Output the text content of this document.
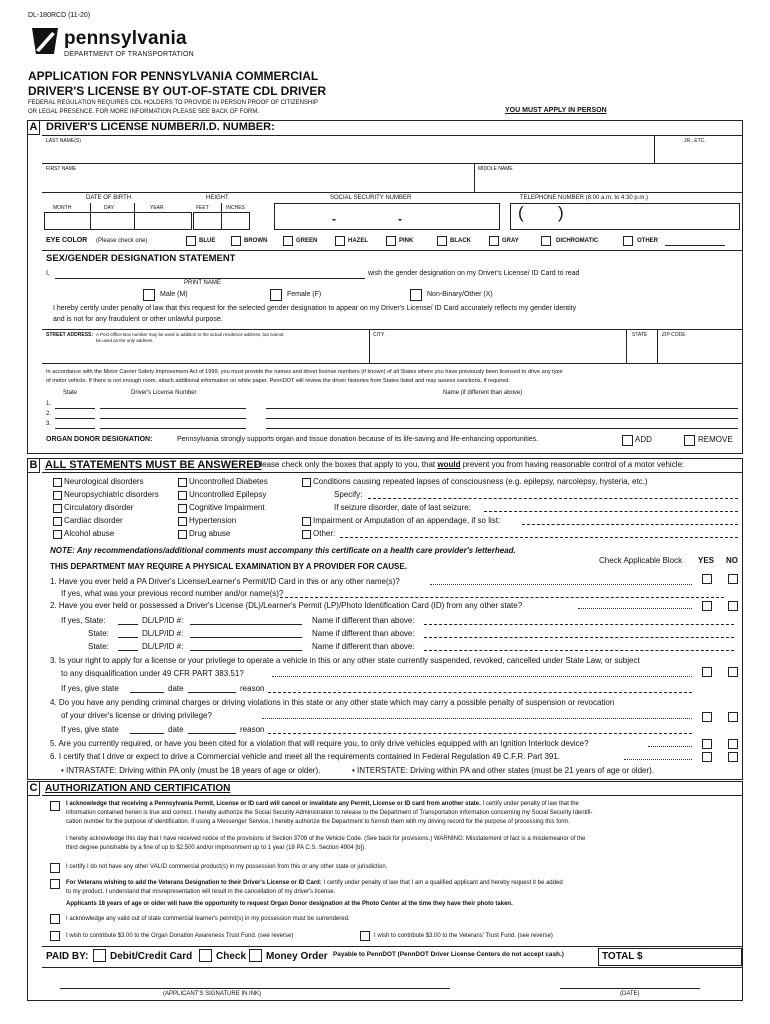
DL-180RCD (11-20)
pennsylvania
DEPARTMENT OF TRANSPORTATION
APPLICATION FOR PENNSYLVANIA COMMERCIAL
DRIVER'S LICENSE BY OUT-OF-STATE CDL DRIVER
FEDERAL REGULATION REQUIRES CDL HOLDERS TO PROVIDE IN PERSON PROOF OF CITIZENSHIP
OR LEGAL PRESENCE. FOR MORE INFORMATION PLEASE SEE BACK OF FORM.	YOU MUST APPLY IN PERSON
A DRIVER'S LICENSE NUMBER/I.D. NUMBER:
LAST NAME(S)	JR., ETC.
FIRST NAME	MIDDLE NAME
DATE OF BIRTH
MONTH	DAY	YEAR
HEIGHT
FEET	INCHES
SOCIAL SECURITY NUMBER
-	-
TELEPHONE NUMBER (8:00 a.m. to 4:30 p.m.)
( )
EYE COLOR (Please check one)	BLUE	BROWN	GREEN	HAZEL	PINK	BLACK	GRAY	DICHROMATIC	OTHER
SEX/GENDER DESIGNATION STATEMENT
I,	wish the gender designation on my Driver's License/ ID Card to read
PRINT NAME
Male (M)	Female (F)	Non-Binary/Other (X)
I hereby certify under penalty of law that this request for the selected gender designation to appear on my Driver's License/ ID Card accurately reflects my gender identity
and is not for any fraudulent or other unlawful purpose.
STREET ADDRESS: A Post Office Box number may be used in addition to the actual residence address, but cannot
be used as the only address.
CITY	STATE	ZIP CODE
In accordance with the Motor Carrier Safety Improvement Act of 1999, you must provide the names and driver license numbers (if known) of all States where you have previously been licensed to drive any type
of motor vehicle. If there is not enough room, attach additional information on white paper. PennDOT will review the driver histories from States listed and may assess sanctions, if required.
State	Driver's License Number	Name (if different than above)
1.
2.
3.
ORGAN DONOR DESIGNATION:	Pennsylvania strongly supports organ and tissue donation because of its life-saving and life-enhancing opportunities.	ADD	REMOVE
B ALL STATEMENTS MUST BE ANSWERED
Please check only the boxes that apply to you, that would prevent you from having reasonable control of a motor vehicle:
Neurological disorders
Neuropsychiatric disorders
Circulatory disorder
Cardiac disorder
Alcohol abuse
Uncontrolled Diabetes
Uncontrolled Epilepsy
Cognitive Impairment
Hypertension
Drug abuse
Conditions causing repeated lapses of consciousness (e.g. epilepsy, narcolepsy, hysteria, etc.)
Specify:
If seizure disorder, date of last seizure:
Impairment or Amputation of an appendage, if so list:
Other:
NOTE: Any recommendations/additional comments must accompany this certificate on a health care provider's letterhead.
THIS DEPARTMENT MAY REQUIRE A PHYSICAL EXAMINATION BY A PROVIDER FOR CAUSE.
Check Applicable Block YES NO
1. Have you ever held a PA Driver's License/Learner's Permit/ID Card in this or any other name(s)?
If yes, what was your previous record number and/or name(s)?
2. Have you ever held or possessed a Driver's License (DL)/Learner's Permit (LP)/Photo Identification Card (ID) from any other state?
If yes, State:	DL/LP/ID #:	Name if different than above:
State:	DL/LP/ID #:	Name if different than above:
State:	DL/LP/ID #:	Name if different than above:
3. Is your right to apply for a license or your privilege to operate a vehicle in this or any other state currently suspended, revoked, cancelled under State Law, or subject
to any disqualification under 49 CFR PART 383.51?
If yes, give state	date	reason
4. Do you have any pending criminal charges or driving violations in this state or any other state which may carry a possible penalty of suspension or revocation
of your driver's license or driving privilege?
If yes, give state	date	reason
5. Are you currently required, or have you been cited for a violation that will require you, to only drive vehicles equipped with an Ignition Interlock device?
6. I certify that I drive or expect to drive a Commercial vehicle and meet all the requirements contained in Federal Regulation 49 C.F.R. Part 391.
• INTRASTATE: Driving within PA only (must be 18 years of age or older).	• INTERSTATE: Driving within PA and other states (must be 21 years of age or older).
C AUTHORIZATION AND CERTIFICATION
I acknowledge that receiving a Pennsylvania Permit, License or ID card will cancel or invalidate any Permit, License or ID card from another state. I certify under penalty of law that the
information contained herein is true and correct. I hereby authorize the Social Security Administration to release to the Department of Transportation information concerning my Social Security Identifi-
cation number for the purpose of identification. If using a Messenger Service, I hereby authorize the Department to furnish them with my driving record for the purpose of processing this form.
I hereby acknowledge this day that I have received notice of the provisions of Section 3709 of the Vehicle Code. (See back for provisions.) WARNING: Misstatement of fact is a misdemeanor of the
third degree punishable by a fine of up to $2,500 and/or imprisonment up to 1 year (18 PA C.S. Section 4904 [b]).
I certify I do not have any other VALID commercial product(s) in my possession from this or any other state or jurisdiction.
For Veterans wishing to add the Veterans Designation to their Driver's License or ID Card: I certify under penalty of law that I am a qualified applicant and hereby request it be added
to my product. I understand that misrepresentation will result in the cancellation of my driver's license.
Applicants 18 years of age or older will have the opportunity to request Organ Donor designation at the Photo Center at the time they have their photo taken.
I acknowledge any valid out of state commercial learner's permit(s) in my possession must be surrendered.
I wish to contribute $3.00 to the Organ Donation Awareness Trust Fund. (see reverse)	I wish to contribute $3.00 to the Veterans' Trust Fund. (see reverse)
PAID BY: Debit/Credit Card Check Money Order Payable to PennDOT (PennDOT Driver License Centers do not accept cash.)	TOTAL $
(APPLICANT'S SIGNATURE IN INK)	(DATE)
